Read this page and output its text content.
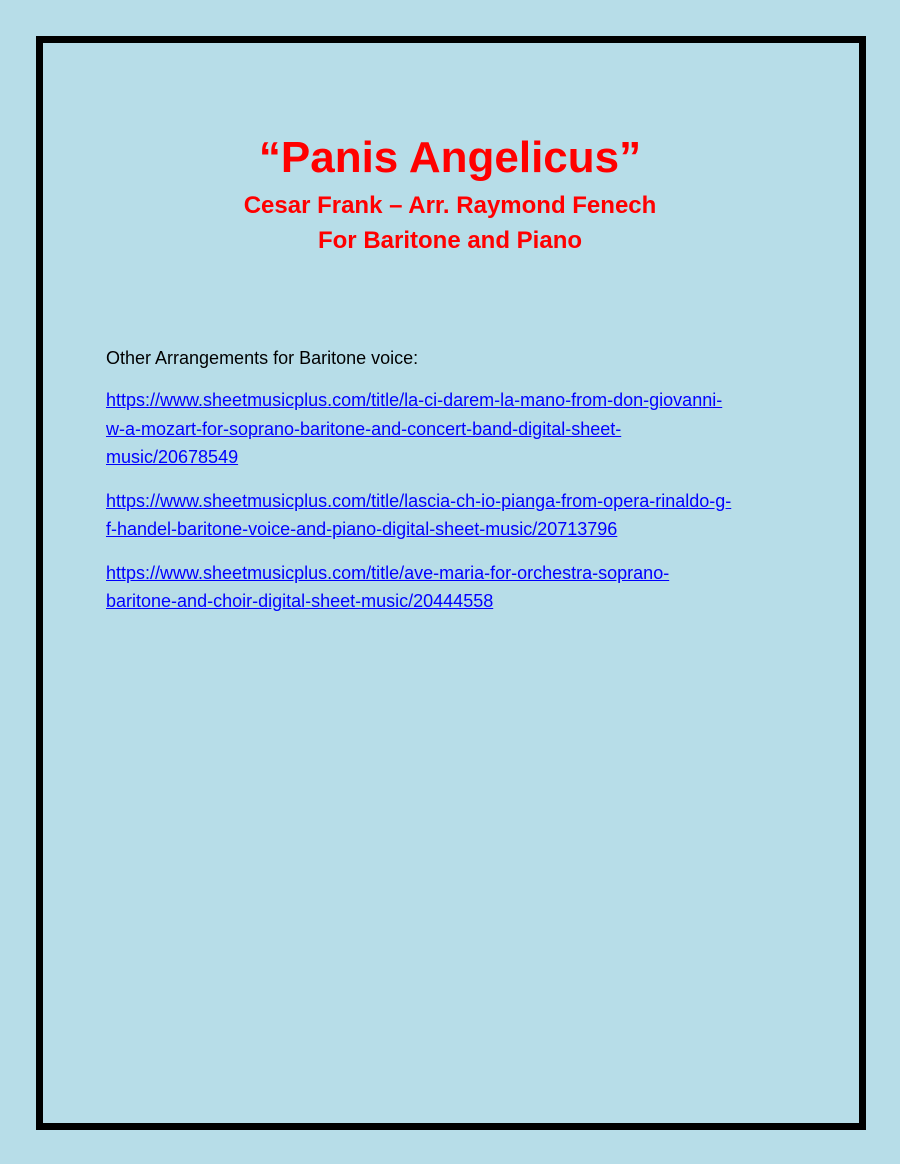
“Panis Angelicus”
Cesar Frank – Arr. Raymond Fenech
For Baritone and Piano

Other Arrangements for Baritone voice:

https://www.sheetmusicplus.com/title/la-ci-darem-la-mano-from-don-giovanni-
w-a-mozart-for-soprano-baritone-and-concert-band-digital-sheet-
music/20678549
https://www.sheetmusicplus.com/title/lascia-ch-io-pianga-from-opera-rinaldo-g-
f-handel-baritone-voice-and-piano-digital-sheet-music/20713796
https://www.sheetmusicplus.com/title/ave-maria-for-orchestra-soprano-
baritone-and-choir-digital-sheet-music/20444558
